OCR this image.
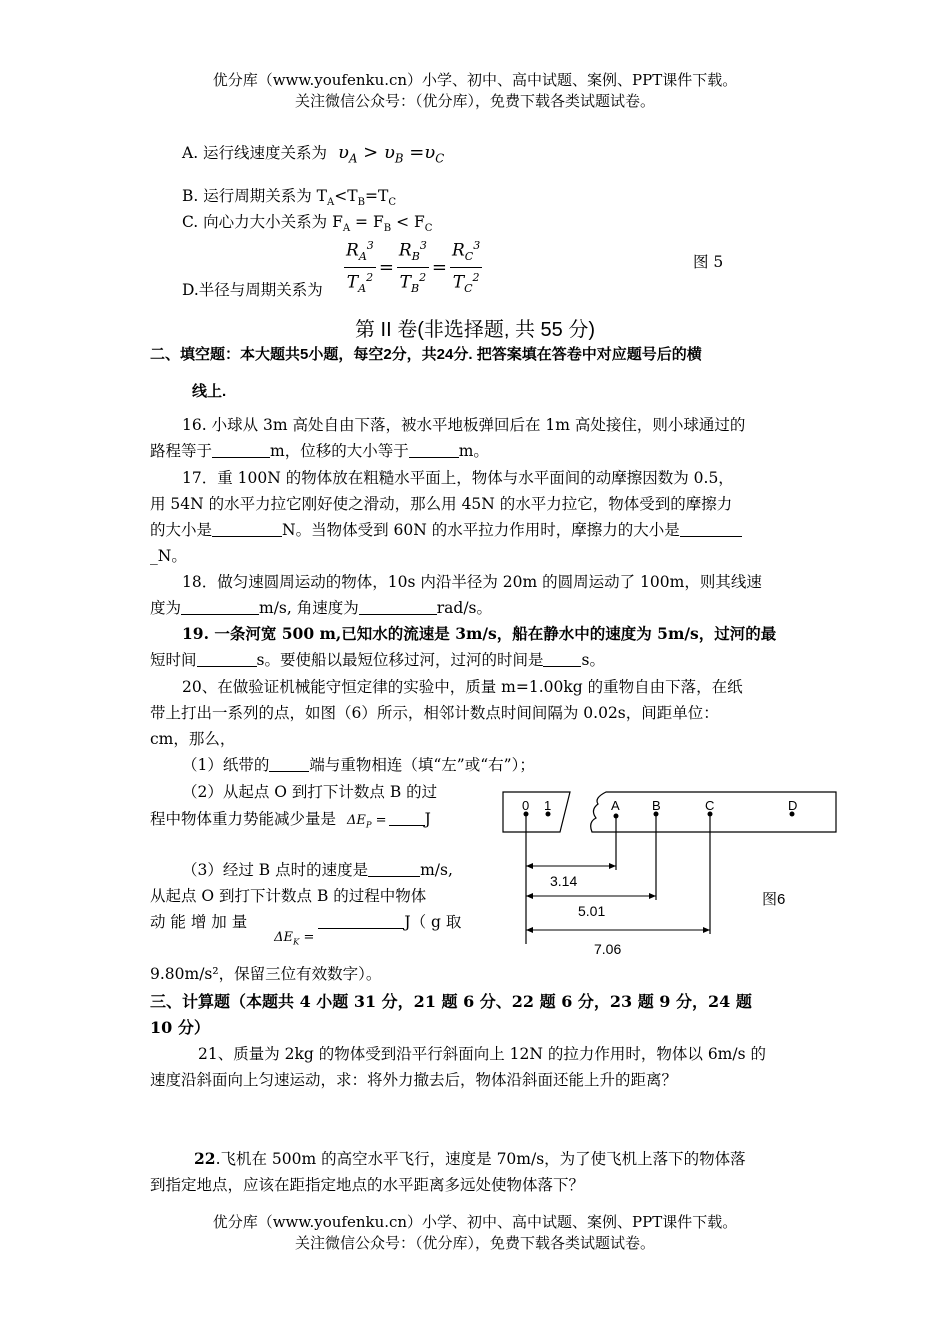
优分库（www.youfenku.cn）小学、初中、高中试题、案例、PPT课件下载。
关注微信公众号：（优分库），免费下载各类试题试卷。
A. 运行线速度关系为 $\upsilon_A > \upsilon_B =\upsilon_C$
B. 运行周期关系为 $T_A<T_B=T_C$
C. 向心力大小关系为 $F_A = F_B < F_C$
D.半径与周期关系为 $\frac{R_A^3}{T_A^2} = \frac{R_B^3}{T_B^2} = \frac{R_C^3}{T_C^2}$	图 5
第 II 卷(非选择题, 共 55 分)
二、填空题：本大题共5小题，每空2分，共24分. 把答案填在答卷中对应题号后的横
线上.
16. 小球从 3m 高处自由下落，被水平地板弹回后在 1m 高处接住，则小球通过的
路程等于	m，位移的大小等于	m。
17．重 100N 的物体放在粗糙水平面上，物体与水平面间的动摩擦因数为 0.5，
用 54N 的水平力拉它刚好使之滑动，那么用 45N 的水平力拉它，物体受到的摩擦力
的大小是	N。当物体受到 60N 的水平拉力作用时，摩擦力的大小是
_N。
18．做匀速圆周运动的物体，10s 内沿半径为 20m 的圆周运动了 100m，则其线速
度为	m/s, 角速度为	rad/s。
19. 一条河宽 500 m,已知水的流速是 3m/s，船在静水中的速度为 5m/s，过河的最
短时间	s。要使船以最短位移过河，过河的时间是 s。
20、在做验证机械能守恒定律的实验中，质量 m=1.00kg 的重物自由下落，在纸
带上打出一系列的点，如图（6）所示，相邻计数点时间间隔为 0.02s，间距单位：
cm，那么，
（1）纸带的	端与重物相连（填“左”或“右”）；
（2）从起点 O 到打下计数点 B 的过
程中物体重力势能减少量是 $\Delta E_P = J$
（3）经过 B 点时的速度是	m/s,
从起点 O 到打下计数点 B 的过程中物体
动 能 增 加 量 $_{\Delta E_K =}$J（ g 取
9.80m/s²，保留三位有效数字）。
0 1	A B	C	D
3.14
5.01
7.06
图6
三、计算题（本题共 4 小题 31 分，21 题 6 分、22 题 6 分，23 题 9 分，24 题
10 分）
21、质量为 2kg 的物体受到沿平行斜面向上 12N 的拉力作用时，物体以 6m/s 的
速度沿斜面向上匀速运动，求：将外力撤去后，物体沿斜面还能上升的距离？
22.飞机在 500m 的高空水平飞行，速度是 70m/s，为了使飞机上落下的物体落
到指定地点，应该在距指定地点的水平距离多远处使物体落下？
优分库（www.youfenku.cn）小学、初中、高中试题、案例、PPT课件下载。
关注微信公众号：（优分库），免费下载各类试题试卷。
